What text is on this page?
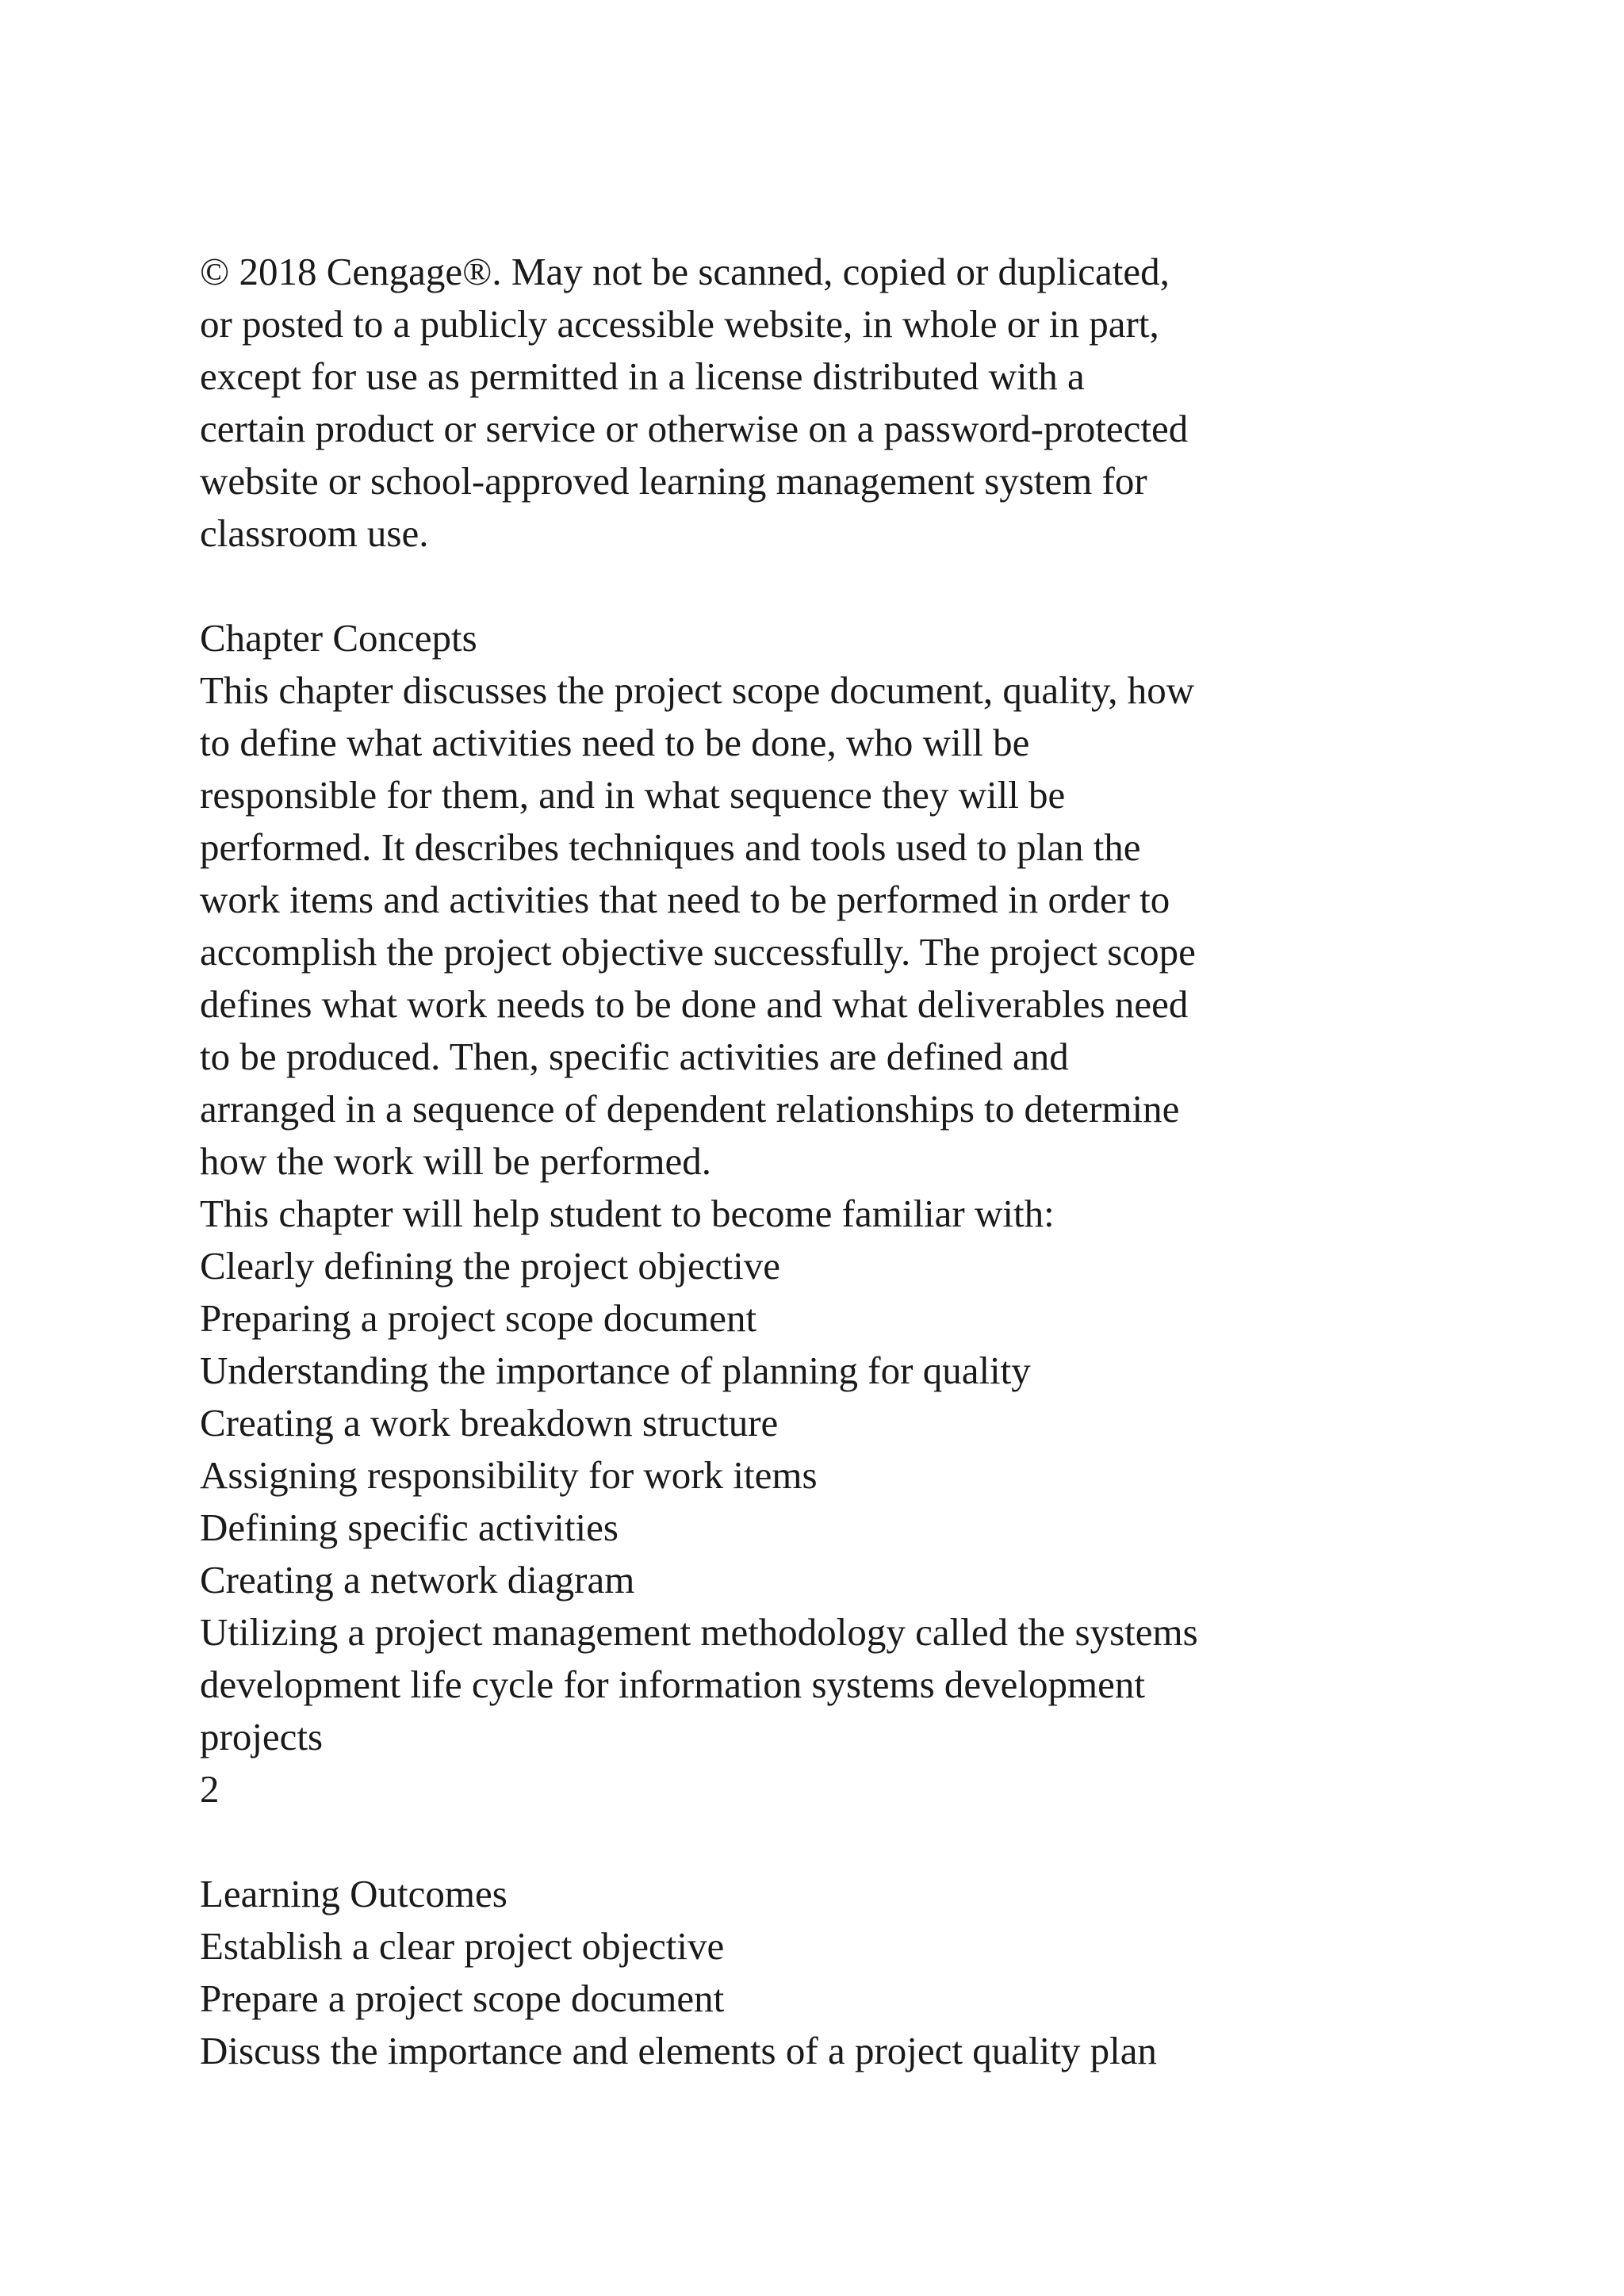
© 2018 Cengage®. May not be scanned, copied or duplicated,
or posted to a publicly accessible website, in whole or in part,
except for use as permitted in a license distributed with a
certain product or service or otherwise on a password-protected
website or school-approved learning management system for
classroom use.
Chapter Concepts
This chapter discusses the project scope document, quality, how
to define what activities need to be done, who will be
responsible for them, and in what sequence they will be
performed. It describes techniques and tools used to plan the
work items and activities that need to be performed in order to
accomplish the project objective successfully. The project scope
defines what work needs to be done and what deliverables need
to be produced. Then, specific activities are defined and
arranged in a sequence of dependent relationships to determine
how the work will be performed.
This chapter will help student to become familiar with:
Clearly defining the project objective
Preparing a project scope document
Understanding the importance of planning for quality
Creating a work breakdown structure
Assigning responsibility for work items
Defining specific activities
Creating a network diagram
Utilizing a project management methodology called the systems
development life cycle for information systems development
projects
2
Learning Outcomes
Establish a clear project objective
Prepare a project scope document
Discuss the importance and elements of a project quality plan
